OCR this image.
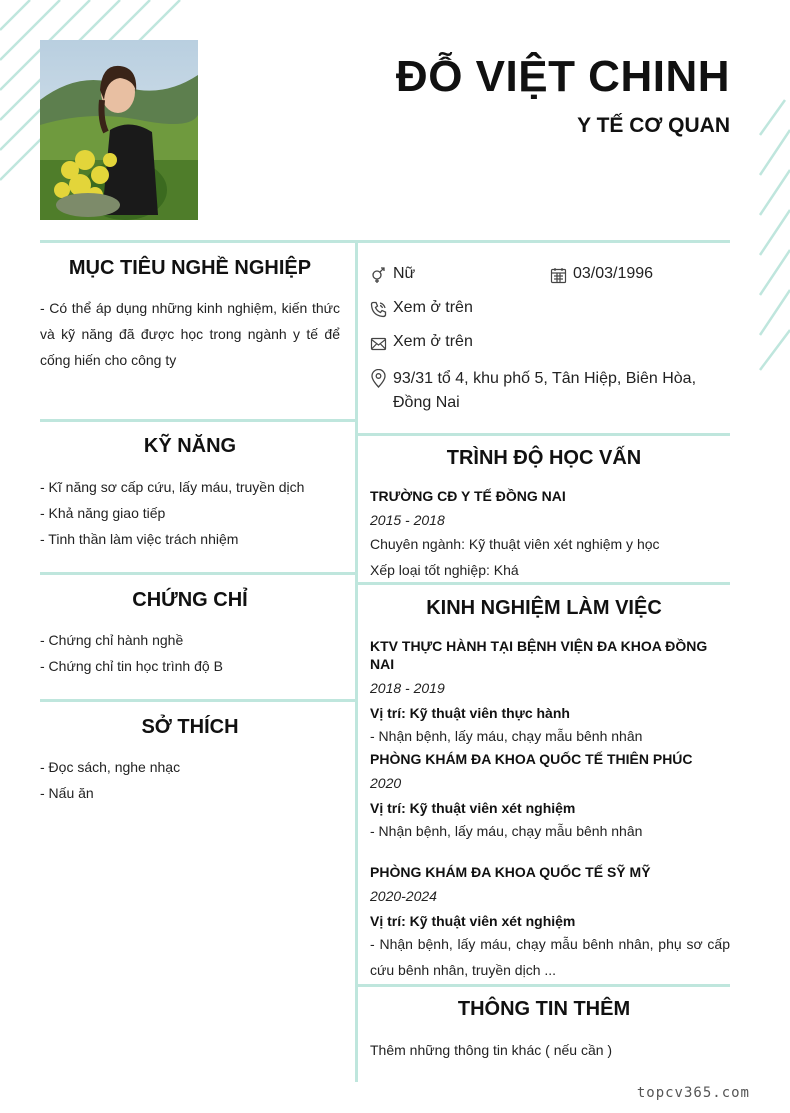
ĐỖ VIỆT CHINH
Y TẾ CƠ QUAN
MỤC TIÊU NGHỀ NGHIỆP
- Có thể áp dụng những kinh nghiệm, kiến thức và kỹ năng đã được học trong ngành y tế để cống hiến cho công ty
KỸ NĂNG
- Kĩ năng sơ cấp cứu, lấy máu, truyền dịch
- Khả năng giao tiếp
- Tinh thần làm việc trách nhiệm
CHỨNG CHỈ
- Chứng chỉ hành nghề
- Chứng chỉ tin học trình độ B
SỞ THÍCH
- Đọc sách, nghe nhạc
- Nấu ăn
Nữ	03/03/1996
Xem ở trên
Xem ở trên
93/31 tổ 4, khu phố 5, Tân Hiệp, Biên Hòa, Đồng Nai
TRÌNH ĐỘ HỌC VẤN
TRƯỜNG CĐ Y TẾ ĐỒNG NAI
2015 - 2018
Chuyên ngành: Kỹ thuật viên xét nghiệm y học
Xếp loại tốt nghiệp: Khá
KINH NGHIỆM LÀM VIỆC
KTV THỰC HÀNH TẠI BỆNH VIỆN ĐA KHOA ĐỒNG NAI
2018 - 2019
Vị trí: Kỹ thuật viên thực hành
- Nhận bệnh, lấy máu, chạy mẫu bênh nhân
PHÒNG KHÁM ĐA KHOA QUỐC TẾ THIÊN PHÚC
2020
Vị trí: Kỹ thuật viên xét nghiệm
- Nhận bệnh, lấy máu, chạy mẫu bênh nhân
PHÒNG KHÁM ĐA KHOA QUỐC TẾ SỸ MỸ
2020-2024
Vị trí: Kỹ thuật viên xét nghiệm
- Nhận bệnh, lấy máu, chạy mẫu bênh nhân, phụ sơ cấp cứu bênh nhân, truyền dịch ...
THÔNG TIN THÊM
Thêm những thông tin khác ( nếu cần )
topcv365.com
